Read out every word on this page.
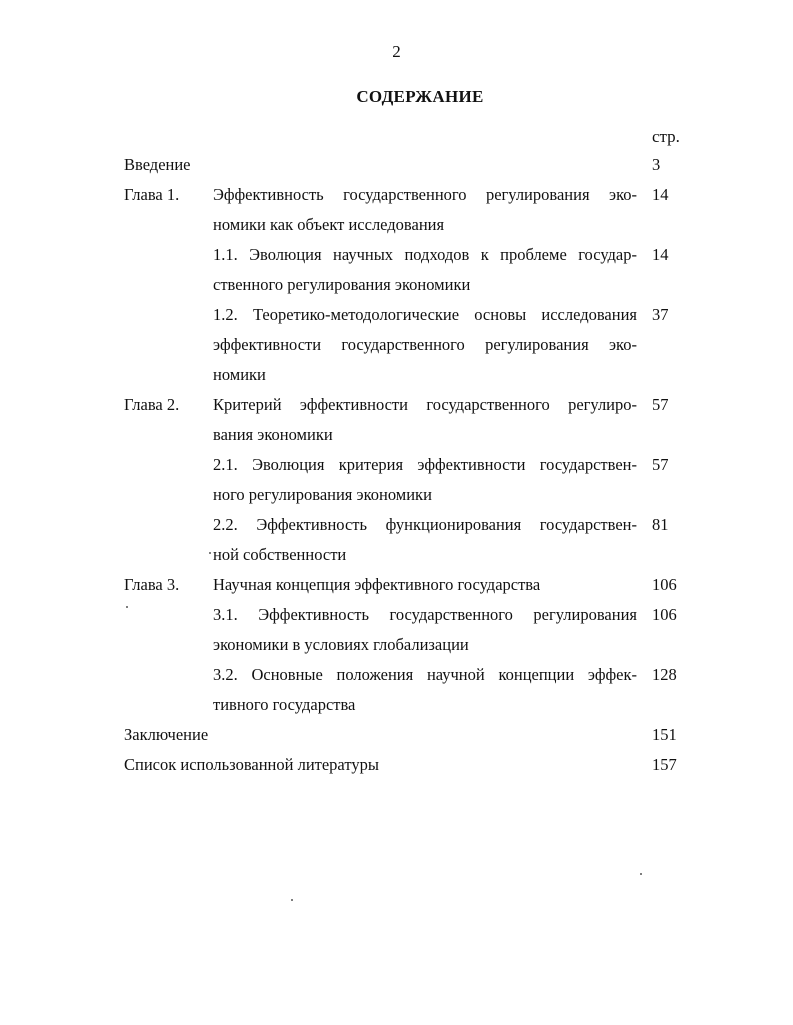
2
СОДЕРЖАНИЕ
стр.
Введение	3
Глава 1. Эффективность государственного регулирования эко-
номики как объект исследования
14
1.1. Эволюция научных подходов к проблеме государ-
ственного регулирования экономики
14
1.2. Теоретико-методологические основы исследования
эффективности государственного регулирования эко-
номики
37
Глава 2. Критерий эффективности государственного регулиро-
вания экономики
57
2.1. Эволюция критерия эффективности государствен-
ного регулирования экономики
57
2.2. Эффективность функционирования государствен-
ной собственности
81
Глава 3. Научная концепция эффективного государства	106
3.1. Эффективность государственного регулирования
экономики в условиях глобализации
106
3.2. Основные положения научной концепции эффек-
тивного государства
128
Заключение	151
Список использованной литературы	157
